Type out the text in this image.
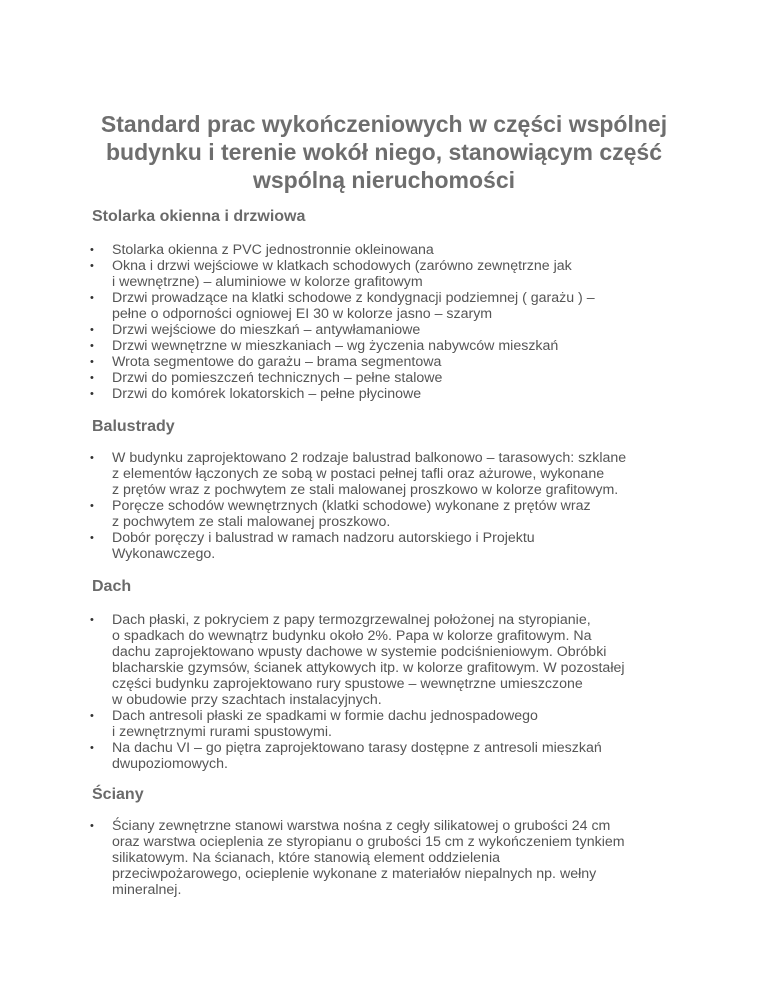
Standard prac wykończeniowych w części wspólnej
budynku i terenie wokół niego, stanowiącym część
wspólną nieruchomości
Stolarka okienna i drzwiowa
• Stolarka okienna z PVC jednostronnie okleinowana
• Okna i drzwi wejściowe w klatkach schodowych (zarówno zewnętrzne jak
i wewnętrzne) – aluminiowe w kolorze grafitowym
• Drzwi prowadzące na klatki schodowe z kondygnacji podziemnej ( garażu ) –
pełne o odporności ogniowej EI 30 w kolorze jasno – szarym
• Drzwi wejściowe do mieszkań – antywłamaniowe
• Drzwi wewnętrzne w mieszkaniach – wg życzenia nabywców mieszkań
• Wrota segmentowe do garażu – brama segmentowa
• Drzwi do pomieszczeń technicznych – pełne stalowe
• Drzwi do komórek lokatorskich – pełne płycinowe
Balustrady
• W budynku zaprojektowano 2 rodzaje balustrad balkonowo – tarasowych: szklane
z elementów łączonych ze sobą w postaci pełnej tafli oraz ażurowe, wykonane
z prętów wraz z pochwytem ze stali malowanej proszkowo w kolorze grafitowym.
• Poręcze schodów wewnętrznych (klatki schodowe) wykonane z prętów wraz
z pochwytem ze stali malowanej proszkowo.
• Dobór poręczy i balustrad w ramach nadzoru autorskiego i Projektu
Wykonawczego.
Dach
• Dach płaski, z pokryciem z papy termozgrzewalnej położonej na styropianie,
o spadkach do wewnątrz budynku około 2%. Papa w kolorze grafitowym. Na
dachu zaprojektowano wpusty dachowe w systemie podciśnieniowym. Obróbki
blacharskie gzymsów, ścianek attykowych itp. w kolorze grafitowym. W pozostałej
części budynku zaprojektowano rury spustowe – wewnętrzne umieszczone
w obudowie przy szachtach instalacyjnych.
• Dach antresoli płaski ze spadkami w formie dachu jednospadowego
i zewnętrznymi rurami spustowymi.
• Na dachu VI – go piętra zaprojektowano tarasy dostępne z antresoli mieszkań
dwupoziomowych.
Ściany
• Ściany zewnętrzne stanowi warstwa nośna z cegły silikatowej o grubości 24 cm
oraz warstwa ocieplenia ze styropianu o grubości 15 cm z wykończeniem tynkiem
silikatowym. Na ścianach, które stanowią element oddzielenia
przeciwpożarowego, ocieplenie wykonane z materiałów niepalnych np. wełny
mineralnej.
